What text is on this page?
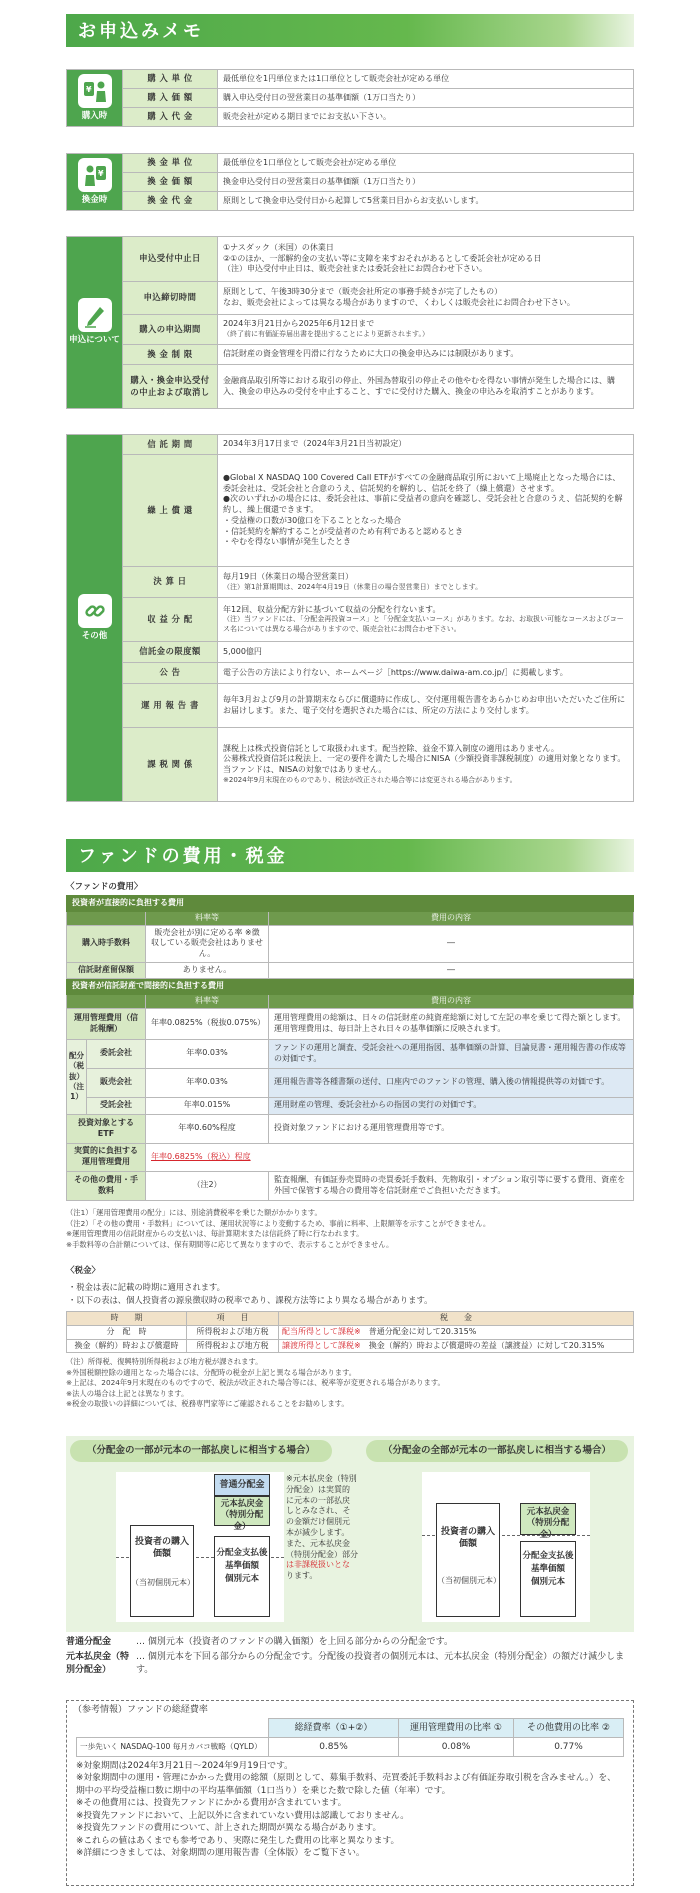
お申込みメモ
¥
購入時	購 入 単 位	最低単位を1円単位または1口単位として販売会社が定める単位
	購 入 価 額	購入申込受付日の翌営業日の基準価額（1万口当たり）
	購 入 代 金	販売会社が定める期日までにお支払い下さい。
¥
換金時	換 金 単 位	最低単位を1口単位として販売会社が定める単位
	換 金 価 額	換金申込受付日の翌営業日の基準価額（1万口当たり）
	換 金 代 金	原則として換金申込受付日から起算して5営業日目からお支払いします。
申込について	申込受付中止日	①ナスダック（米国）の休業日
②①のほか、一部解約金の支払い等に支障を来すおそれがあるとして委託会社が定める日
（注）申込受付中止日は、販売会社または委託会社にお問合わせ下さい。

	申込締切時間	原則として、午後3時30分まで（販売会社所定の事務手続きが完了したもの）
なお、販売会社によっては異なる場合がありますので、くわしくは販売会社にお問合わせ下さい。

	購入の申込期間	2024年3月21日から2025年6月12日まで
（終了前に有価証券届出書を提出することにより更新されます。）

	換 金 制 限	信託財産の資金管理を円滑に行なうために大口の換金申込みには制限があります。
	購入・換金申込受付の中止および取消し	金融商品取引所等における取引の停止、外国為替取引の停止その他やむを得ない事情が発生した場合には、購入、換金の申込みの受付を中止すること、すでに受付けた購入、換金の申込みを取消すことがあります。
その他	信 託 期 間	2034年3月17日まで（2024年3月21日当初設定）
	繰 上 償 還	●Global X NASDAQ 100 Covered Call ETFがすべての金融商品取引所において上場廃止となった場合には、委託会社は、受託会社と合意のうえ、信託契約を解約し、信託を終了（繰上償還）させます。
●次のいずれかの場合には、委託会社は、事前に受益者の意向を確認し、受託会社と合意のうえ、信託契約を解約し、繰上償還できます。
・受益権の口数が30億口を下ることとなった場合
・信託契約を解約することが受益者のため有利であると認めるとき
・やむを得ない事情が発生したとき

	決 算 日	毎月19日（休業日の場合翌営業日）
（注）第1計算期間は、2024年4月19日（休業日の場合翌営業日）までとします。

	収 益 分 配	年12回、収益分配方針に基づいて収益の分配を行ないます。
（注）当ファンドには、「分配金再投資コース」と「分配金支払いコース」があります。なお、お取扱い可能なコースおよびコース名については異なる場合がありますので、販売会社にお問合わせ下さい。

	信託金の限度額	5,000億円
	公 告	電子公告の方法により行ない、ホームページ［https://www.daiwa-am.co.jp/］に掲載します。
	運 用 報 告 書	毎年3月および9月の計算期末ならびに償還時に作成し、交付運用報告書をあらかじめお申出いただいたご住所にお届けします。また、電子交付を選択された場合には、所定の方法により交付します。
	課 税 関 係	課税上は株式投資信託として取扱われます。配当控除、益金不算入制度の適用はありません。
公募株式投資信託は税法上、一定の要件を満たした場合にNISA（少額投資非課税制度）の適用対象となります。
当ファンドは、NISAの対象ではありません。
※2024年9月末現在のものであり、税法が改正された場合等には変更される場合があります。
ファンドの費用・税金
〈ファンドの費用〉
投資者が直接的に負担する費用			
		料率等	費用の内容
購入時手数料		販売会社が別に定める率 ※徴収している販売会社はありません。	―
信託財産留保額		ありません。	―
投資者が信託財産で間接的に負担する費用			
		料率等	費用の内容
運用管理費用（信託報酬）		年率0.0825%（税抜0.075%）	運用管理費用の総額は、日々の信託財産の純資産総額に対して左記の率を乗じて得た額とします。運用管理費用は、毎日計上され日々の基準価額に反映されます。
配分（税抜）（注1）	委託会社	年率0.03%	ファンドの運用と調査、受託会社への運用指図、基準価額の計算、目論見書・運用報告書の作成等の対価です。
	販売会社	年率0.03%	運用報告書等各種書類の送付、口座内でのファンドの管理、購入後の情報提供等の対価です。
	受託会社	年率0.015%	運用財産の管理、委託会社からの指図の実行の対価です。
投資対象とするETF		年率0.60%程度	投資対象ファンドにおける運用管理費用等です。
実質的に負担する運用管理費用		年率0.6825%（税込）程度	
その他の費用・手数料		（注2）	監査報酬、有価証券売買時の売買委託手数料、先物取引・オプション取引等に要する費用、資産を外国で保管する場合の費用等を信託財産でご負担いただきます。
（注1）「運用管理費用の配分」には、別途消費税率を乗じた額がかかります。
（注2）「その他の費用・手数料」については、運用状況等により変動するため、事前に料率、上限額等を示すことができません。
※運用管理費用の信託財産からの支払いは、毎計算期末または信託終了時に行なわれます。
※手数料等の合計額については、保有期間等に応じて異なりますので、表示することができません。
〈税金〉
・税金は表に記載の時期に適用されます。
・以下の表は、個人投資者の源泉徴収時の税率であり、課税方法等により異なる場合があります。
時　　期	項　　目	税　　金
分　配　時	所得税および地方税	配当所得として課税※　 普通分配金に対して20.315%
換金（解約）時および償還時	所得税および地方税	譲渡所得として課税※　 換金（解約）時および償還時の差益（譲渡益）に対して20.315%
（注）所得税、復興特別所得税および地方税が課されます。
※外国税額控除の適用となった場合には、分配時の税金が上記と異なる場合があります。
※上記は、2024年9月末現在のものですので、税法が改正された場合等には、税率等が変更される場合があります。
※法人の場合は上記とは異なります。
※税金の取扱いの詳細については、税務専門家等にご確認されることをお勧めします。
（分配金の一部が元本の一部払戻しに相当する場合）	（分配金の全部が元本の一部払戻しに相当する場合）
投資者の購入価額
（当初個別元本）
普通分配金
元本払戻金（特別分配金）
分配金支払後
基準価額
個別元本
※元本払戻金（特別
分配金）は実質的
に元本の一部払戻
しとみなされ、そ
の金額だけ個別元
本が減少します。
また、元本払戻金
（特別分配金）部分
は非課税扱いとな
ります。
投資者の購入価額
（当初個別元本）
元本払戻金（特別分配金）
分配金支払後
基準価額
個別元本
普通分配金	… 個別元本（投資者のファンドの購入価額）を上回る部分からの分配金です。
元本払戻金（特別分配金）
… 個別元本を下回る部分からの分配金です。分配後の投資者の個別元本は、元本払戻金（特別分配金）の額だけ減少します。
（参考情報）ファンドの総経費率
	総経費率（①+②）	運用管理費用の比率 ①	その他費用の比率 ②
一歩先いく NASDAQ-100 毎月カバコ戦略（QYLD）	0.85%	0.08%	0.77%
※対象期間は2024年3月21日～2024年9月19日です。
※対象期間中の運用・管理にかかった費用の総額（原則として、募集手数料、売買委託手数料および有価証券取引税を含みません。）を、期中の平均受益権口数に期中の平均基準価額（1口当り）を乗じた数で除した値（年率）です。
※その他費用には、投資先ファンドにかかる費用が含まれています。
※投資先ファンドにおいて、上記以外に含まれていない費用は認識しておりません。
※投資先ファンドの費用について、計上された期間が異なる場合があります。
※これらの値はあくまでも参考であり、実際に発生した費用の比率と異なります。
※詳細につきましては、対象期間の運用報告書（全体版）をご覧下さい。
